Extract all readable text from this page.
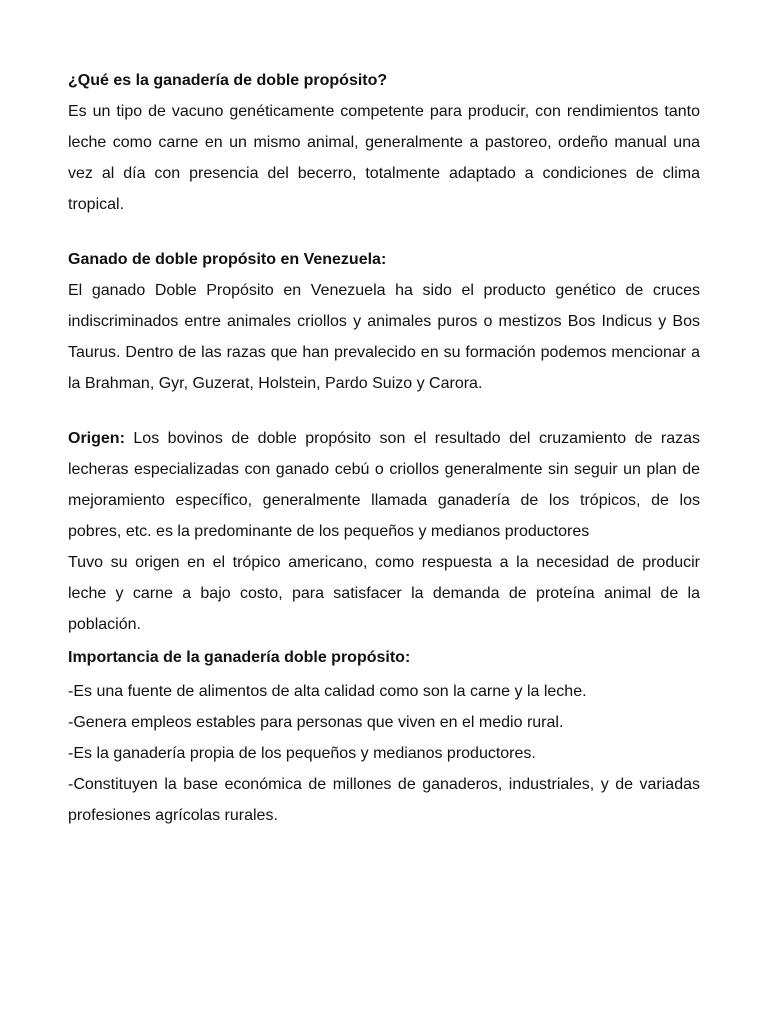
¿Qué es la ganadería de doble propósito?

Es un tipo de vacuno genéticamente competente para producir, con rendimientos tanto leche como carne en un mismo animal, generalmente a pastoreo, ordeño manual una vez al día con presencia del becerro, totalmente adaptado a condiciones de clima tropical.

Ganado de doble propósito en Venezuela:

El ganado Doble Propósito en Venezuela ha sido el producto genético de cruces indiscriminados entre animales criollos y animales puros o mestizos Bos Indicus y Bos Taurus. Dentro de las razas que han prevalecido en su formación podemos mencionar a la Brahman, Gyr, Guzerat, Holstein, Pardo Suizo y Carora.

Origen: Los bovinos de doble propósito son el resultado del cruzamiento de razas lecheras especializadas con ganado cebú o criollos generalmente sin seguir un plan de mejoramiento específico, generalmente llamada ganadería de los trópicos, de los pobres, etc. es la predominante de los pequeños y medianos productores

Tuvo su origen en el trópico americano, como respuesta a la necesidad de producir leche y carne a bajo costo, para satisfacer la demanda de proteína animal de la población.

Importancia de la ganadería doble propósito:

-Es una fuente de alimentos de alta calidad como son la carne y la leche.

-Genera empleos estables para personas que viven en el medio rural.

-Es la ganadería propia de los pequeños y medianos productores.

-Constituyen la base económica de millones de ganaderos, industriales, y de variadas profesiones agrícolas rurales.
